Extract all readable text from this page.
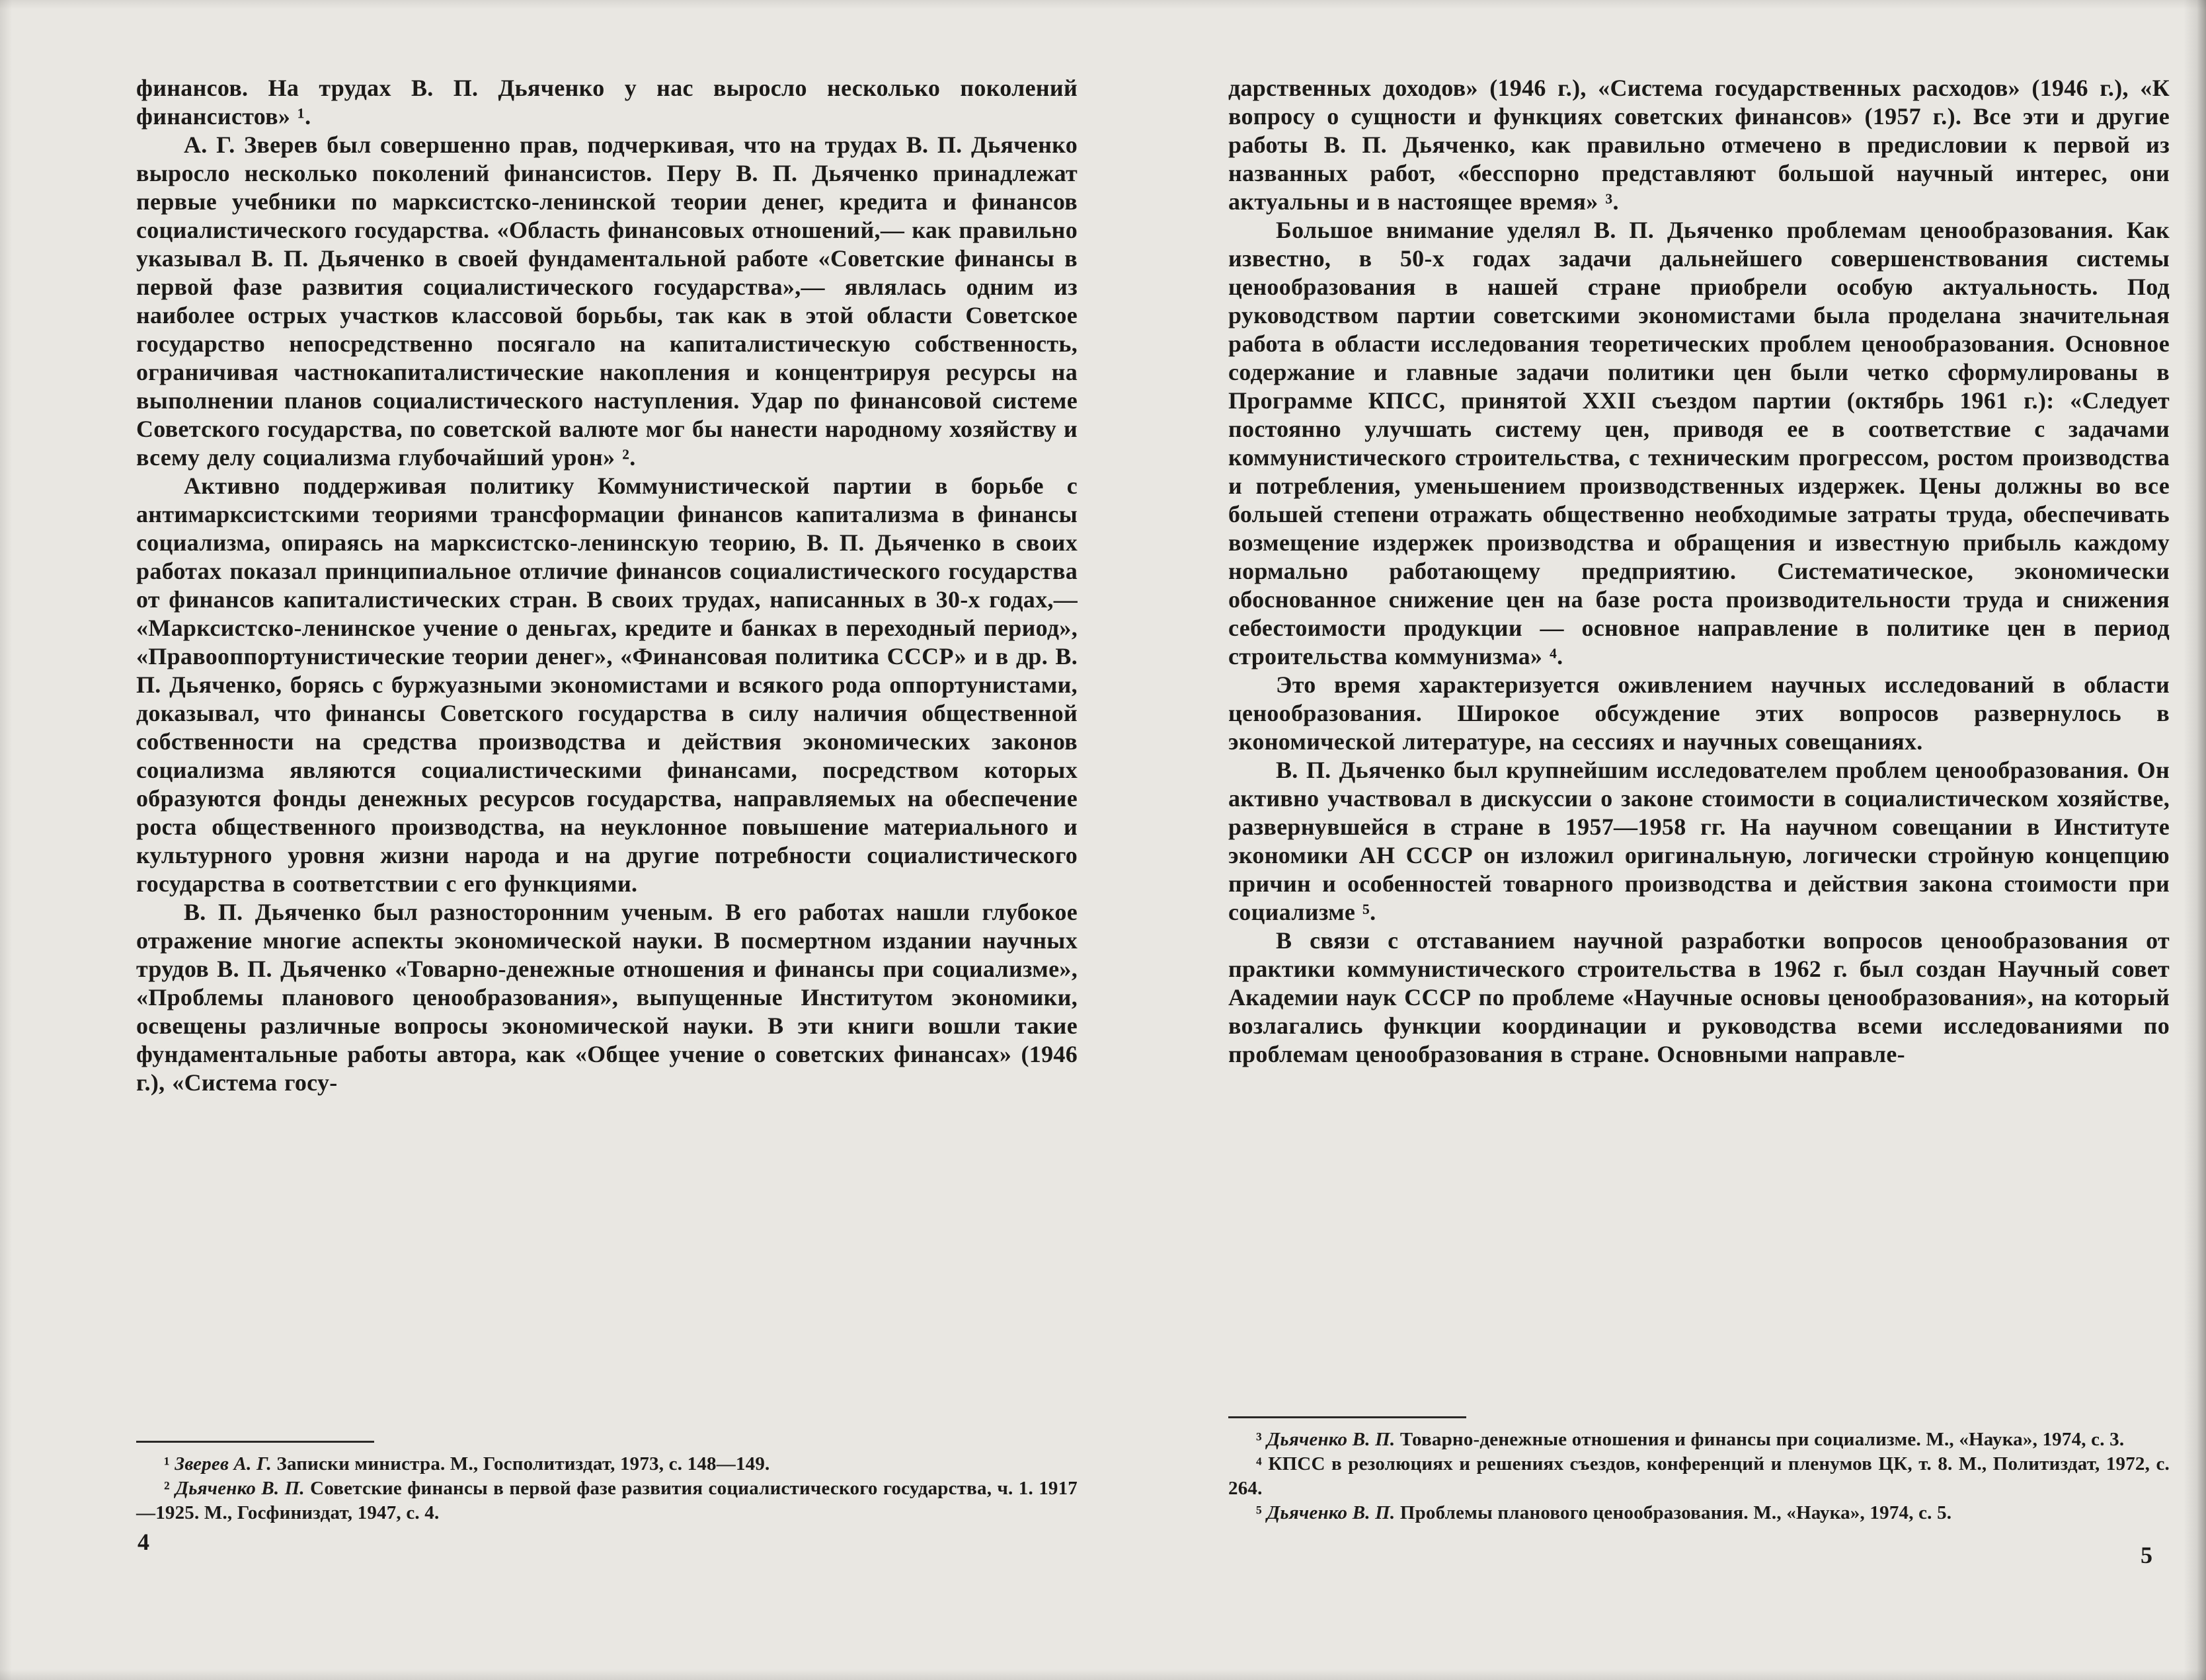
финансов. На трудах В. П. Дьяченко у нас выросло несколько поколений финансистов» ¹.

А. Г. Зверев был совершенно прав, подчеркивая, что на трудах В. П. Дьяченко выросло несколько поколений финансистов. Перу В. П. Дьяченко принадлежат первые учебники по марксистско-ленинской теории денег, кредита и финансов социалистического государства. «Область финансовых отношений,— как правильно указывал В. П. Дьяченко в своей фундаментальной работе «Советские финансы в первой фазе развития социалистического государства»,— являлась одним из наиболее острых участков классовой борьбы, так как в этой области Советское государство непосредственно посягало на капиталистическую собственность, ограничивая частнокапиталистические накопления и концентрируя ресурсы на выполнении планов социалистического наступления. Удар по финансовой системе Советского государства, по советской валюте мог бы нанести народному хозяйству и всему делу социализма глубочайший урон» ².

Активно поддерживая политику Коммунистической партии в борьбе с антимарксистскими теориями трансформации финансов капитализма в финансы социализма, опираясь на марксистско-ленинскую теорию, В. П. Дьяченко в своих работах показал принципиальное отличие финансов социалистического государства от финансов капиталистических стран. В своих трудах, написанных в 30-х годах,— «Марксистско-ленинское учение о деньгах, кредите и банках в переходный период», «Правооппортунистические теории денег», «Финансовая политика СССР» и в др. В. П. Дьяченко, борясь с буржуазными экономистами и всякого рода оппортунистами, доказывал, что финансы Советского государства в силу наличия общественной собственности на средства производства и действия экономических законов социализма являются социалистическими финансами, посредством которых образуются фонды денежных ресурсов государства, направляемых на обеспечение роста общественного производства, на неуклонное повышение материального и культурного уровня жизни народа и на другие потребности социалистического государства в соответствии с его функциями.

В. П. Дьяченко был разносторонним ученым. В его работах нашли глубокое отражение многие аспекты экономической науки. В посмертном издании научных трудов В. П. Дьяченко «Товарно-денежные отношения и финансы при социализме», «Проблемы планового ценообразования», выпущенные Институтом экономики, освещены различные вопросы экономической науки. В эти книги вошли такие фундаментальные работы автора, как «Общее учение о советских финансах» (1946 г.), «Система госу-

¹ Зверев А. Г. Записки министра. М., Госполитиздат, 1973, с. 148—149.

² Дьяченко В. П. Советские финансы в первой фазе развития социалистического государства, ч. 1. 1917—1925. М., Госфиниздат, 1947, с. 4.

дарственных доходов» (1946 г.), «Система государственных расходов» (1946 г.), «К вопросу о сущности и функциях советских финансов» (1957 г.). Все эти и другие работы В. П. Дьяченко, как правильно отмечено в предисловии к первой из названных работ, «бесспорно представляют большой научный интерес, они актуальны и в настоящее время» ³.

Большое внимание уделял В. П. Дьяченко проблемам ценообразования. Как известно, в 50-х годах задачи дальнейшего совершенствования системы ценообразования в нашей стране приобрели особую актуальность. Под руководством партии советскими экономистами была проделана значительная работа в области исследования теоретических проблем ценообразования. Основное содержание и главные задачи политики цен были четко сформулированы в Программе КПСС, принятой XXII съездом партии (октябрь 1961 г.): «Следует постоянно улучшать систему цен, приводя ее в соответствие с задачами коммунистического строительства, с техническим прогрессом, ростом производства и потребления, уменьшением производственных издержек. Цены должны во все большей степени отражать общественно необходимые затраты труда, обеспечивать возмещение издержек производства и обращения и известную прибыль каждому нормально работающему предприятию. Систематическое, экономически обоснованное снижение цен на базе роста производительности труда и снижения себестоимости продукции — основное направление в политике цен в период строительства коммунизма» ⁴.

Это время характеризуется оживлением научных исследований в области ценообразования. Широкое обсуждение этих вопросов развернулось в экономической литературе, на сессиях и научных совещаниях.

В. П. Дьяченко был крупнейшим исследователем проблем ценообразования. Он активно участвовал в дискуссии о законе стоимости в социалистическом хозяйстве, развернувшейся в стране в 1957—1958 гг. На научном совещании в Институте экономики АН СССР он изложил оригинальную, логически стройную концепцию причин и особенностей товарного производства и действия закона стоимости при социализме ⁵.

В связи с отставанием научной разработки вопросов ценообразования от практики коммунистического строительства в 1962 г. был создан Научный совет Академии наук СССР по проблеме «Научные основы ценообразования», на который возлагались функции координации и руководства всеми исследованиями по проблемам ценообразования в стране. Основными направле-

³ Дьяченко В. П. Товарно-денежные отношения и финансы при социализме. М., «Наука», 1974, с. 3.

⁴ КПСС в резолюциях и решениях съездов, конференций и пленумов ЦК, т. 8. М., Политиздат, 1972, с. 264.

⁵ Дьяченко В. П. Проблемы планового ценообразования. М., «Наука», 1974, с. 5.

4	5
